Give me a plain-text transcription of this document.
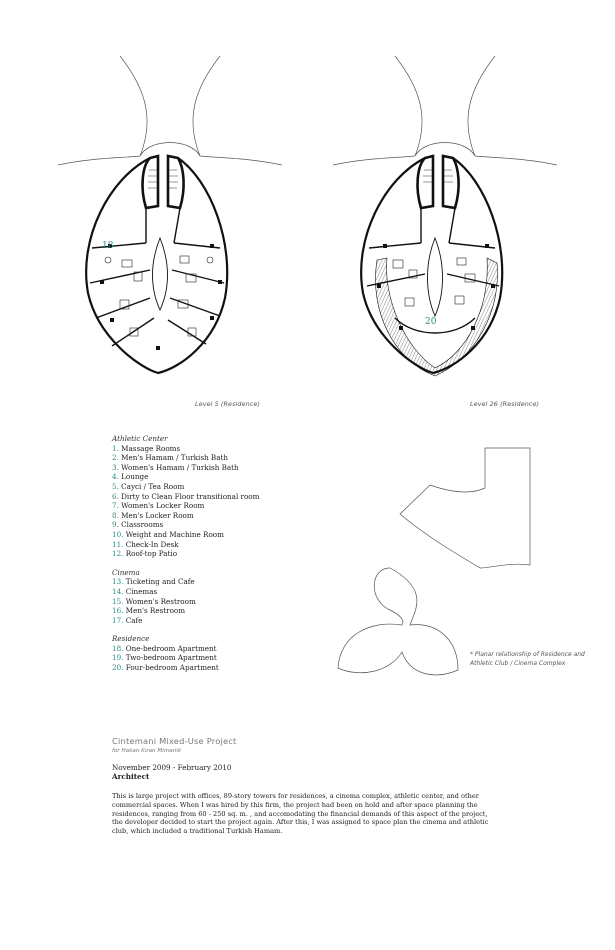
18
20
Level 5 (Residence)	Level 26 (Residence)
Athletic Center
1. Massage Rooms
2. Men's Hamam / Turkish Bath
3. Women's Hamam / Turkish Bath
4. Lounge
5. Cayci / Tea Room
6. Dirty to Clean Floor transitional room
7. Women's Locker Room
8. Men's Locker Room
9. Classrooms
10. Weight and Machine Room
11. Check-In Desk
12. Roof-top Patio
Cinema
13. Ticketing and Cafe
14. Cinemas
15. Women's Restroom
16. Men's Restroom
17. Cafe
Residence
18. One-bedroom Apartment
19. Two-bedroom Apartment
20. Four-bedroom Apartment
* Planar relationship of Residence and Athletic Club / Cinema Complex
Cintemani Mixed-Use Project
for Hakan Kıran Mimarlık
November 2009 - February 2010
Architect
This is large project with offices, 89-story towers for residences, a cinema complex, athletic center, and other commercial spaces. When I was hired by this firm, the project had been on hold and after space planning the residences, ranging from 60 - 250 sq. m. , and accomodating the financial demands of this aspect of the project, the developer decided to start the project again. After this, I was assigned to space plan the cinema and athletic club, which included a traditional Turkish Hamam.
